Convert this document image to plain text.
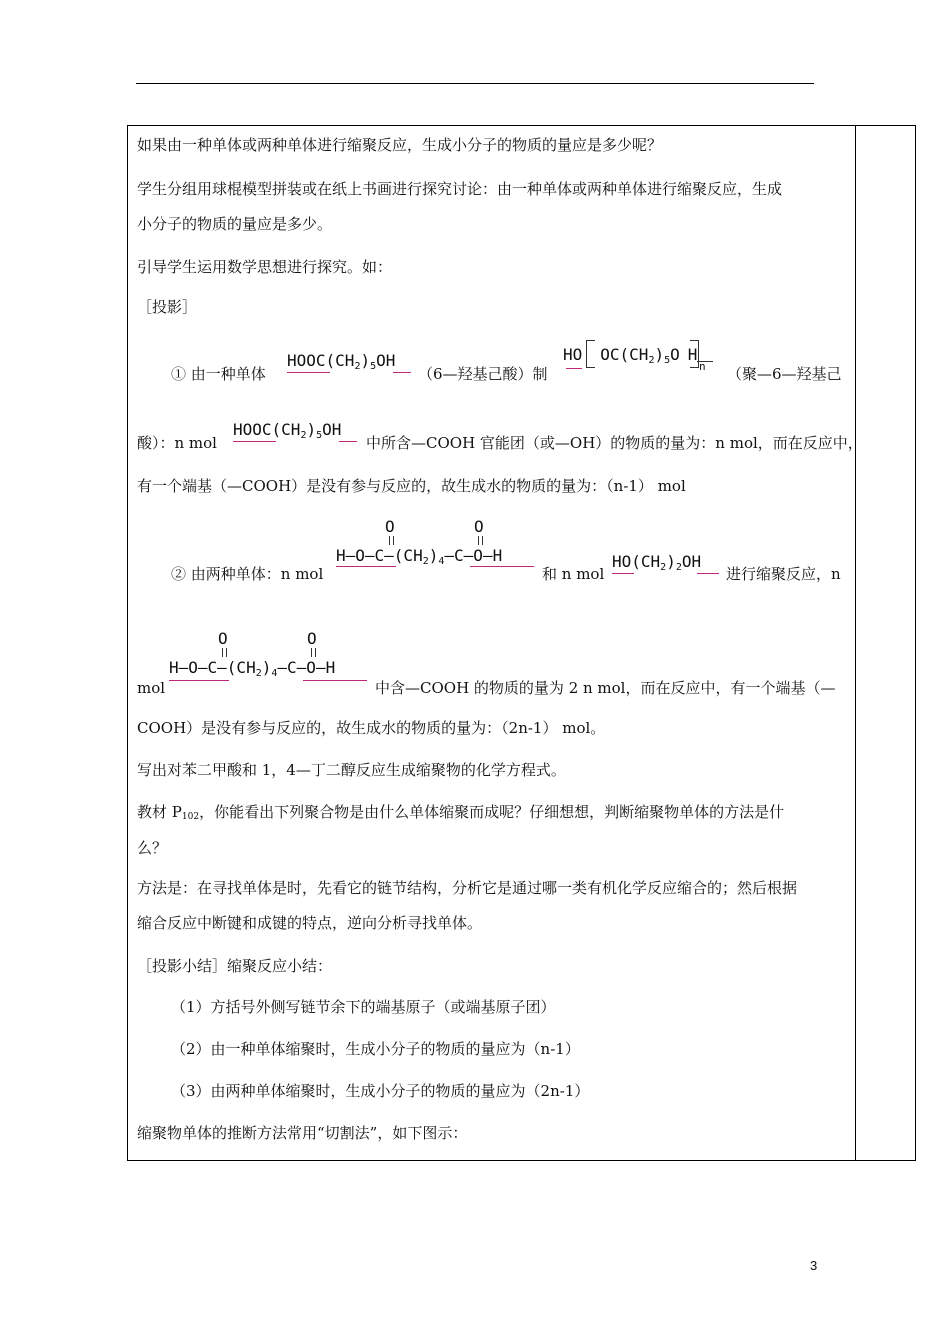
如果由一种单体或两种单体进行缩聚反应，生成小分子的物质的量应是多少呢？
学生分组用球棍模型拼装或在纸上书画进行探究讨论：由一种单体或两种单体进行缩聚反应，生成
小分子的物质的量应是多少。
引导学生运用数学思想进行探究。如：
［投影］
① 由一种单体
$HOOC(CH_2)_5OH$
（6—羟基己酸）制
HO $OC(CH_2)_5O$ H
n （聚—6—羟基己
酸）：n mol
$HOOC(CH_2)_5OH$
中所含—COOH 官能团（或—OH）的物质的量为：n mol，而在反应中，
有一个端基（—COOH）是没有参与反应的，故生成水的物质的量为：（n-1） mol
O	O
$H—O—C—(CH_2)_4—C—O—H$
② 由两种单体：n mol	和 n mol
$HO(CH_2)_2OH$
进行缩聚反应，n
O	O
$H—O—C—(CH_2)_4—C—O—H$
mol	中含—COOH 的物质的量为 2 n mol，而在反应中，有一个端基（—
COOH）是没有参与反应的，故生成水的物质的量为：（2n-1） mol。
写出对苯二甲酸和 1，4—丁二醇反应生成缩聚物的化学方程式。
教材 P102，你能看出下列聚合物是由什么单体缩聚而成呢？仔细想想，判断缩聚物单体的方法是什
么？
方法是：在寻找单体是时，先看它的链节结构，分析它是通过哪一类有机化学反应缩合的；然后根据
缩合反应中断键和成键的特点，逆向分析寻找单体。
［投影小结］缩聚反应小结：
（1）方括号外侧写链节余下的端基原子（或端基原子团）
（2）由一种单体缩聚时，生成小分子的物质的量应为（n-1）
（3）由两种单体缩聚时，生成小分子的物质的量应为（2n-1）
缩聚物单体的推断方法常用“切割法”，如下图示：
3
